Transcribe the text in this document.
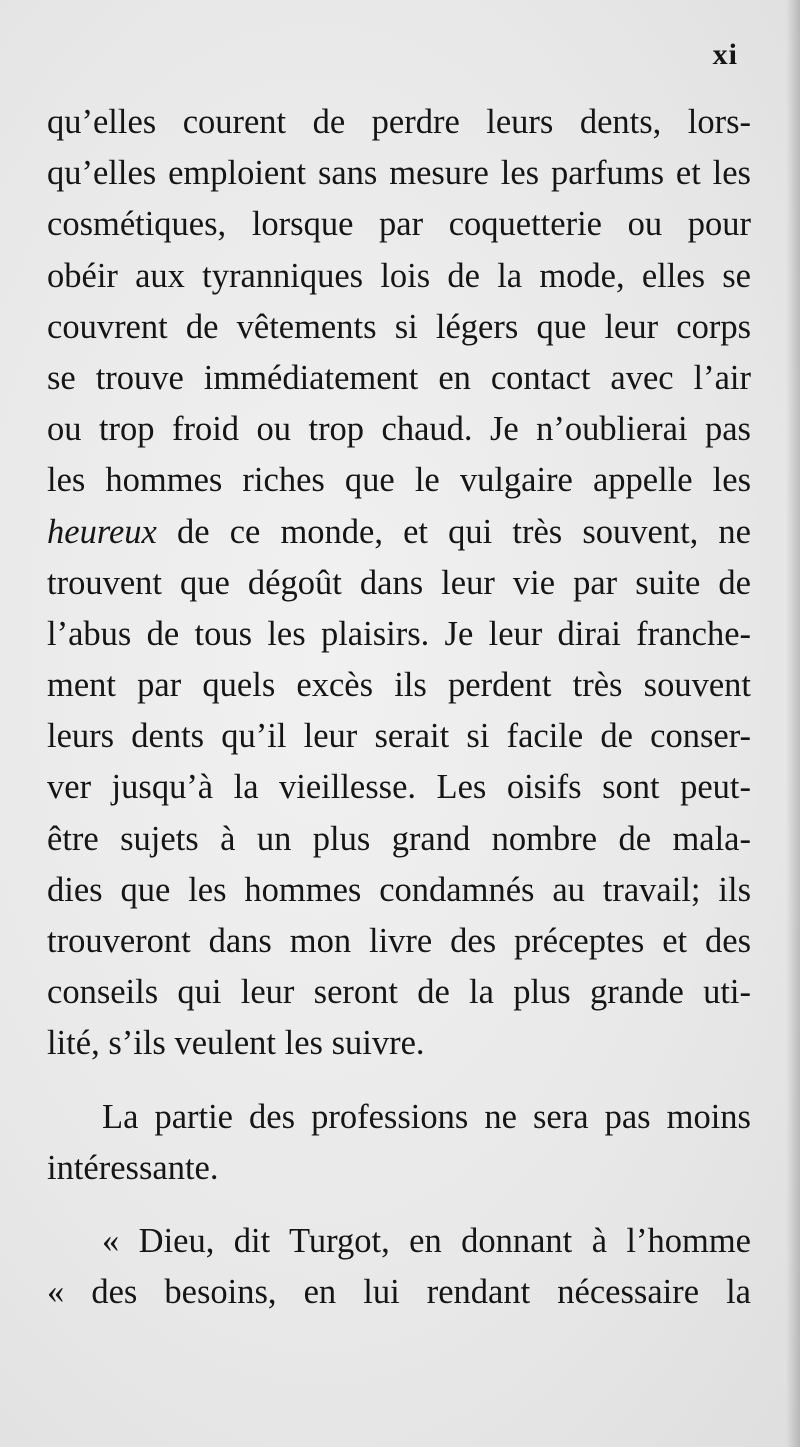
xi
qu’elles courent de perdre leurs dents, lors-
qu’elles emploient sans mesure les parfums et les
cosmétiques, lorsque par coquetterie ou pour
obéir aux tyranniques lois de la mode, elles se
couvrent de vêtements si légers que leur corps
se trouve immédiatement en contact avec l’air
ou trop froid ou trop chaud. Je n’oublierai pas
les hommes riches que le vulgaire appelle les
heureux de ce monde, et qui très souvent, ne
trouvent que dégoût dans leur vie par suite de
l’abus de tous les plaisirs. Je leur dirai franche-
ment par quels excès ils perdent très souvent
leurs dents qu’il leur serait si facile de conser-
ver jusqu’à la vieillesse. Les oisifs sont peut-
être sujets à un plus grand nombre de mala-
dies que les hommes condamnés au travail; ils
trouveront dans mon livre des préceptes et des
conseils qui leur seront de la plus grande uti-
lité, s’ils veulent les suivre.
La partie des professions ne sera pas moins
intéressante.
« Dieu, dit Turgot, en donnant à l’homme
« des besoins, en lui rendant nécessaire la
